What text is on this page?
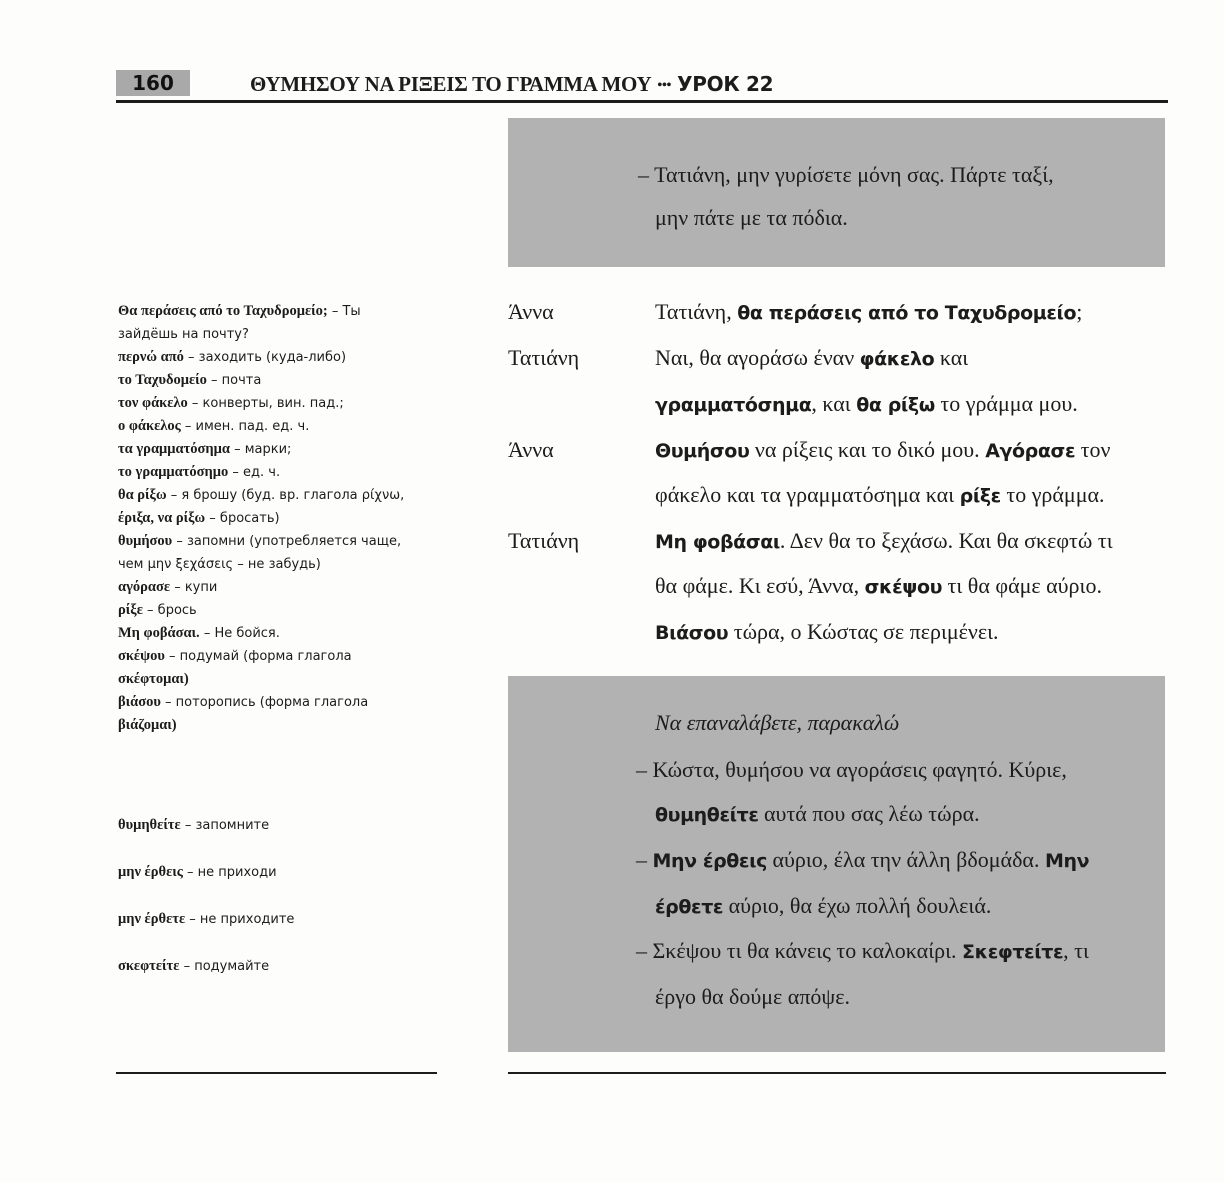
160	ΘΥΜΗΣΟΥ ΝΑ ΡΙΞΕΙΣ ΤΟ ΓΡΑΜΜΑ ΜΟΥ ••• УРОК 22
– Τατιάνη, μην γυρίσετε μόνη σας. Πάρτε ταξί,
μην πάτε με τα πόδια.
Άννα	Τατιάνη, θα περάσεις από το Ταχυδρομείο;
Τατιάνη	Ναι, θα αγοράσω έναν φάκελο και
γραμματόσημα, και θα ρίξω το γράμμα μου.
Άννα	Θυμήσου να ρίξεις και το δικό μου. Αγόρασε τον
φάκελο και τα γραμματόσημα και ρίξε το γράμμα.
Τατιάνη	Μη φοβάσαι. Δεν θα το ξεχάσω. Και θα σκεφτώ τι
θα φάμε. Κι εσύ, Άννα, σκέψου τι θα φάμε αύριο.
Βιάσου τώρα, ο Κώστας σε περιμένει.
Να επαναλάβετε, παρακαλώ
– Κώστα, θυμήσου να αγοράσεις φαγητό. Κύριε,
θυμηθείτε αυτά που σας λέω τώρα.
– Μην έρθεις αύριο, έλα την άλλη βδομάδα. Μην
έρθετε αύριο, θα έχω πολλή δουλειά.
– Σκέψου τι θα κάνεις το καλοκαίρι. Σκεφτείτε, τι
έργο θα δούμε απόψε.
Θα περάσεις από το Ταχυδρομείο; – Ты
зайдёшь на почту?
περνώ από – заходить (куда-либо)
το Ταχυδομείο – почта
τον φάκελο – конверты, вин. пад.;
ο φάκελος – имен. пад. ед. ч.
τα γραμματόσημα – марки;
το γραμματόσημο – ед. ч.
θα ρίξω – я брошу (буд. вр. глагола ρίχνω,
έριξα, να ρίξω – бросать)
θυμήσου – запомни (употребляется чаще,
чем μην ξεχάσεις – не забудь)
αγόρασε – купи
ρίξε – брось
Μη φοβάσαι. – Не бойся.
σκέψου – подумай (форма глагола
σκέφτομαι)
βιάσου – поторопись (форма глагола
βιάζομαι)
θυμηθείτε – запомните
μην έρθεις – не приходи
μην έρθετε – не приходите
σκεφτείτε – подумайте
